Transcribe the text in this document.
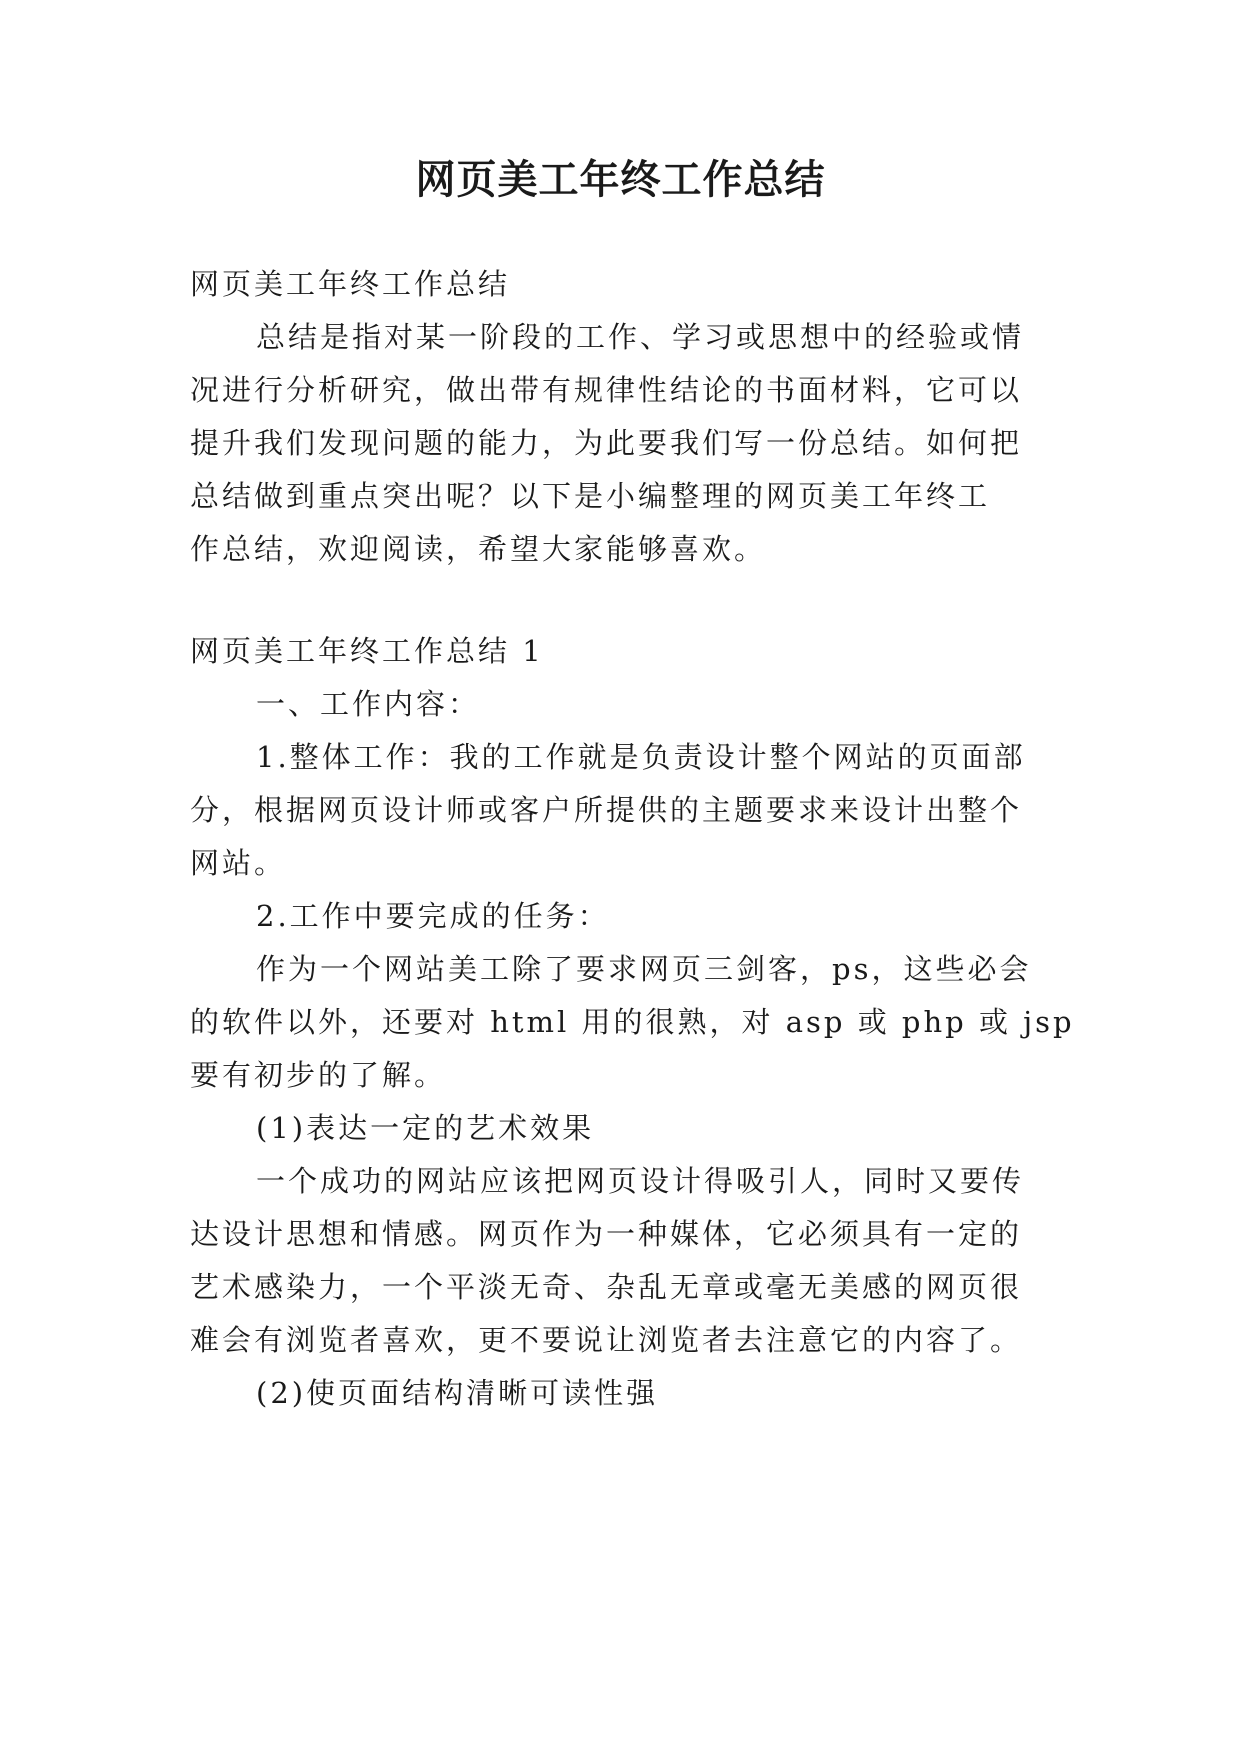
网页美工年终工作总结
网页美工年终工作总结
总结是指对某一阶段的工作、学习或思想中的经验或情
况进行分析研究，做出带有规律性结论的书面材料，它可以
提升我们发现问题的能力，为此要我们写一份总结。如何把
总结做到重点突出呢？以下是小编整理的网页美工年终工
作总结，欢迎阅读，希望大家能够喜欢。
网页美工年终工作总结 1
一、工作内容：
1.整体工作：我的工作就是负责设计整个网站的页面部
分，根据网页设计师或客户所提供的主题要求来设计出整个
网站。
2.工作中要完成的任务：
作为一个网站美工除了要求网页三剑客，ps，这些必会
的软件以外，还要对 html 用的很熟，对 asp 或 php 或 jsp
要有初步的了解。
(1)表达一定的艺术效果
一个成功的网站应该把网页设计得吸引人，同时又要传
达设计思想和情感。网页作为一种媒体，它必须具有一定的
艺术感染力，一个平淡无奇、杂乱无章或毫无美感的网页很
难会有浏览者喜欢，更不要说让浏览者去注意它的内容了。
(2)使页面结构清晰可读性强
